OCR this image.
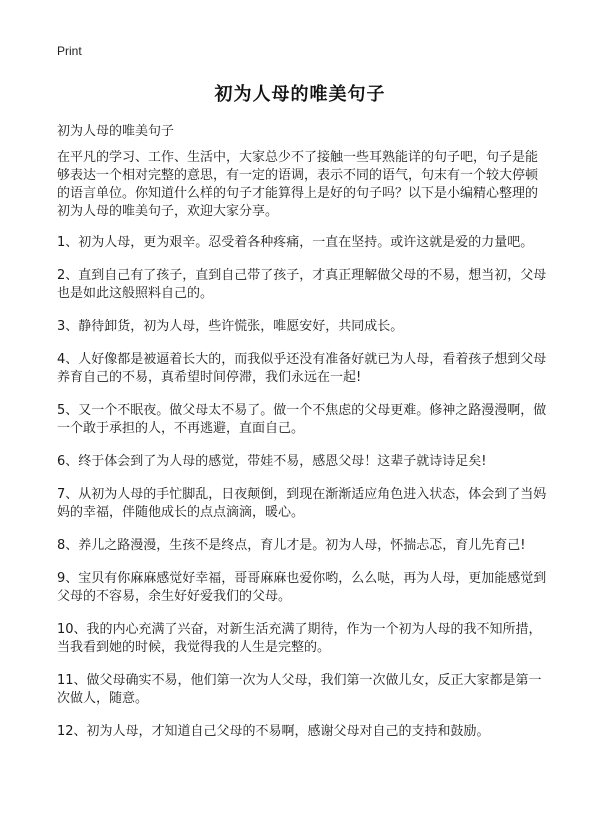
Print
初为人母的唯美句子
初为人母的唯美句子

在平凡的学习、工作、生活中，大家总少不了接触一些耳熟能详的句子吧，句子是能够表达一个相对完整的意思，有一定的语调，表示不同的语气，句末有一个较大停顿的语言单位。你知道什么样的句子才能算得上是好的句子吗？以下是小编精心整理的初为人母的唯美句子，欢迎大家分享。

1、初为人母，更为艰辛。忍受着各种疼痛，一直在坚持。或许这就是爱的力量吧。
2、直到自己有了孩子，直到自己带了孩子，才真正理解做父母的不易，想当初，父母也是如此这般照料自己的。
3、静待卸货，初为人母，些许慌张，唯愿安好，共同成长。
4、人好像都是被逼着长大的，而我似乎还没有准备好就已为人母，看着孩子想到父母养育自己的不易，真希望时间停滞，我们永远在一起!
5、又一个不眠夜。做父母太不易了。做一个不焦虑的父母更难。修神之路漫漫啊，做一个敢于承担的人，不再逃避，直面自己。
6、终于体会到了为人母的感觉，带娃不易，感恩父母！这辈子就诗诗足矣!
7、从初为人母的手忙脚乱，日夜颠倒，到现在渐渐适应角色进入状态，体会到了当妈妈的幸福，伴随他成长的点点滴滴，暖心。
8、养儿之路漫漫，生孩不是终点，育儿才是。初为人母，怀揣忐忑，育儿先育己!
9、宝贝有你麻麻感觉好幸福，哥哥麻麻也爱你哟，么么哒，再为人母，更加能感觉到父母的不容易，余生好好爱我们的父母。
10、我的内心充满了兴奋，对新生活充满了期待，作为一个初为人母的我不知所措，当我看到她的时候，我觉得我的人生是完整的。
11、做父母确实不易，他们第一次为人父母，我们第一次做儿女，反正大家都是第一次做人，随意。
12、初为人母，才知道自己父母的不易啊，感谢父母对自己的支持和鼓励。
